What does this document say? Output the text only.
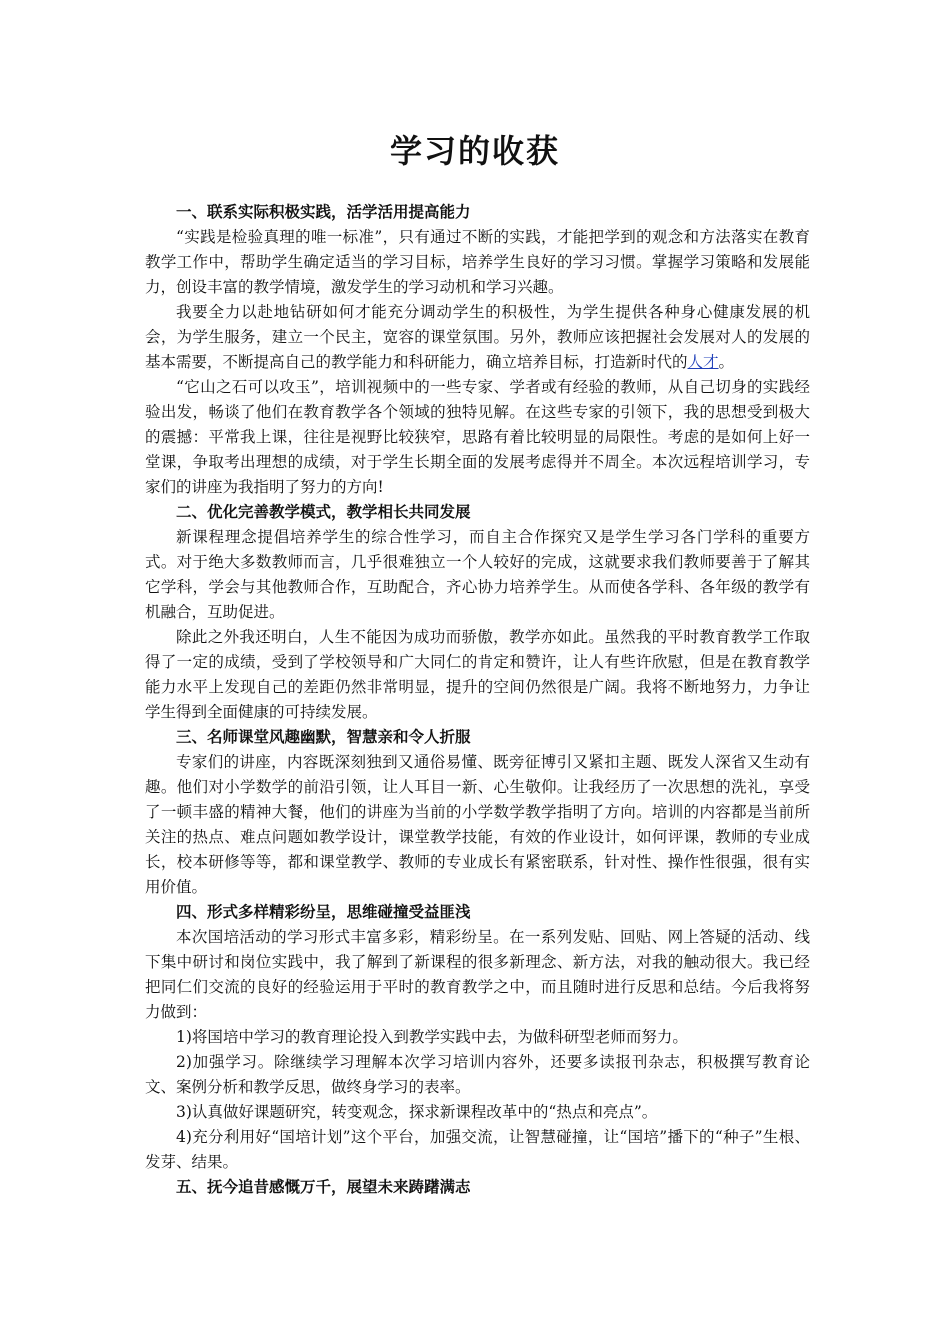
学习的收获
一、联系实际积极实践，活学活用提高能力

“实践是检验真理的唯一标准”，只有通过不断的实践，才能把学到的观念和方法落实在教育教学工作中，帮助学生确定适当的学习目标，培养学生良好的学习习惯。掌握学习策略和发展能力，创设丰富的教学情境，激发学生的学习动机和学习兴趣。

我要全力以赴地钻研如何才能充分调动学生的积极性，为学生提供各种身心健康发展的机会，为学生服务，建立一个民主，宽容的课堂氛围。另外，教师应该把握社会发展对人的发展的基本需要，不断提高自己的教学能力和科研能力，确立培养目标，打造新时代的人才。

“它山之石可以攻玉”，培训视频中的一些专家、学者或有经验的教师，从自己切身的实践经验出发，畅谈了他们在教育教学各个领域的独特见解。在这些专家的引领下，我的思想受到极大的震撼：平常我上课，往往是视野比较狭窄，思路有着比较明显的局限性。考虑的是如何上好一堂课，争取考出理想的成绩，对于学生长期全面的发展考虑得并不周全。本次远程培训学习，专家们的讲座为我指明了努力的方向!

二、优化完善教学模式，教学相长共同发展

新课程理念提倡培养学生的综合性学习，而自主合作探究又是学生学习各门学科的重要方式。对于绝大多数教师而言，几乎很难独立一个人较好的完成，这就要求我们教师要善于了解其它学科，学会与其他教师合作，互助配合，齐心协力培养学生。从而使各学科、各年级的教学有机融合，互助促进。

除此之外我还明白，人生不能因为成功而骄傲，教学亦如此。虽然我的平时教育教学工作取得了一定的成绩，受到了学校领导和广大同仁的肯定和赞许，让人有些许欣慰，但是在教育教学能力水平上发现自己的差距仍然非常明显，提升的空间仍然很是广阔。我将不断地努力，力争让学生得到全面健康的可持续发展。

三、名师课堂风趣幽默，智慧亲和令人折服

专家们的讲座，内容既深刻独到又通俗易懂、既旁征博引又紧扣主题、既发人深省又生动有趣。他们对小学数学的前沿引领，让人耳目一新、心生敬仰。让我经历了一次思想的洗礼，享受了一顿丰盛的精神大餐，他们的讲座为当前的小学数学教学指明了方向。培训的内容都是当前所关注的热点、难点问题如教学设计，课堂教学技能，有效的作业设计，如何评课，教师的专业成长，校本研修等等，都和课堂教学、教师的专业成长有紧密联系，针对性、操作性很强，很有实用价值。

四、形式多样精彩纷呈，思维碰撞受益匪浅

本次国培活动的学习形式丰富多彩，精彩纷呈。在一系列发贴、回贴、网上答疑的活动、线下集中研讨和岗位实践中，我了解到了新课程的很多新理念、新方法，对我的触动很大。我已经把同仁们交流的良好的经验运用于平时的教育教学之中，而且随时进行反思和总结。今后我将努力做到：

1)将国培中学习的教育理论投入到教学实践中去，为做科研型老师而努力。

2)加强学习。除继续学习理解本次学习培训内容外，还要多读报刊杂志，积极撰写教育论文、案例分析和教学反思，做终身学习的表率。

3)认真做好课题研究，转变观念，探求新课程改革中的“热点和亮点”。

4)充分利用好“国培计划”这个平台，加强交流，让智慧碰撞，让“国培”播下的“种子”生根、发芽、结果。

五、抚今追昔感慨万千，展望未来踌躇满志
